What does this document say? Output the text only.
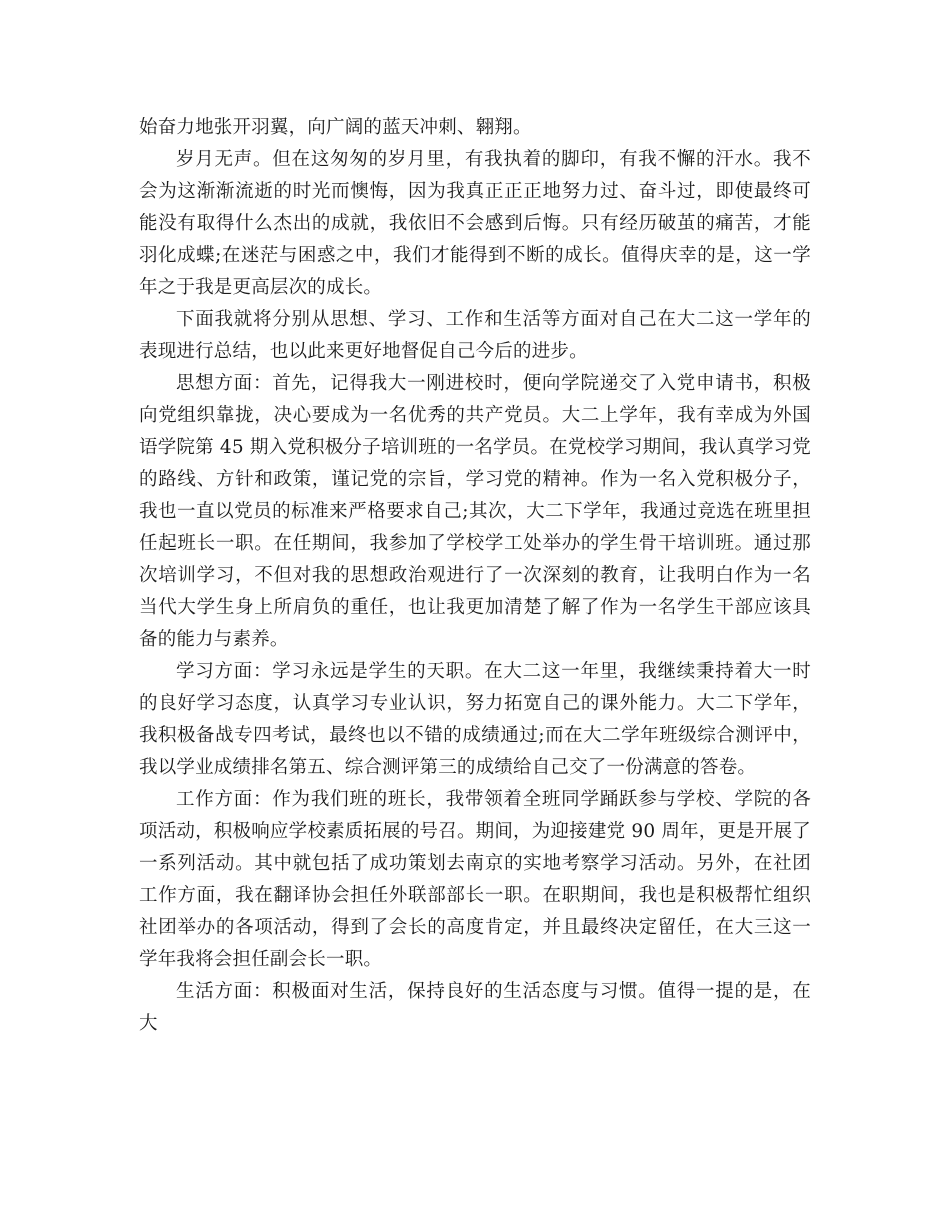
始奋力地张开羽翼，向广阔的蓝天冲刺、翱翔。

岁月无声。但在这匆匆的岁月里，有我执着的脚印，有我不懈的汗水。我不会为这渐渐流逝的时光而懊悔，因为我真正正正地努力过、奋斗过，即使最终可能没有取得什么杰出的成就，我依旧不会感到后悔。只有经历破茧的痛苦，才能羽化成蝶;在迷茫与困惑之中，我们才能得到不断的成长。值得庆幸的是，这一学年之于我是更高层次的成长。

下面我就将分别从思想、学习、工作和生活等方面对自己在大二这一学年的表现进行总结，也以此来更好地督促自己今后的进步。

思想方面：首先，记得我大一刚进校时，便向学院递交了入党申请书，积极向党组织靠拢，决心要成为一名优秀的共产党员。大二上学年，我有幸成为外国语学院第 45 期入党积极分子培训班的一名学员。在党校学习期间，我认真学习党的路线、方针和政策，谨记党的宗旨，学习党的精神。作为一名入党积极分子，我也一直以党员的标准来严格要求自己;其次，大二下学年，我通过竞选在班里担任起班长一职。在任期间，我参加了学校学工处举办的学生骨干培训班。通过那次培训学习，不但对我的思想政治观进行了一次深刻的教育，让我明白作为一名当代大学生身上所肩负的重任，也让我更加清楚了解了作为一名学生干部应该具备的能力与素养。

学习方面：学习永远是学生的天职。在大二这一年里，我继续秉持着大一时的良好学习态度，认真学习专业认识，努力拓宽自己的课外能力。大二下学年，我积极备战专四考试，最终也以不错的成绩通过;而在大二学年班级综合测评中，我以学业成绩排名第五、综合测评第三的成绩给自己交了一份满意的答卷。

工作方面：作为我们班的班长，我带领着全班同学踊跃参与学校、学院的各项活动，积极响应学校素质拓展的号召。期间，为迎接建党 90 周年，更是开展了一系列活动。其中就包括了成功策划去南京的实地考察学习活动。另外，在社团工作方面，我在翻译协会担任外联部部长一职。在职期间，我也是积极帮忙组织社团举办的各项活动，得到了会长的高度肯定，并且最终决定留任，在大三这一学年我将会担任副会长一职。

生活方面：积极面对生活，保持良好的生活态度与习惯。值得一提的是，在大
